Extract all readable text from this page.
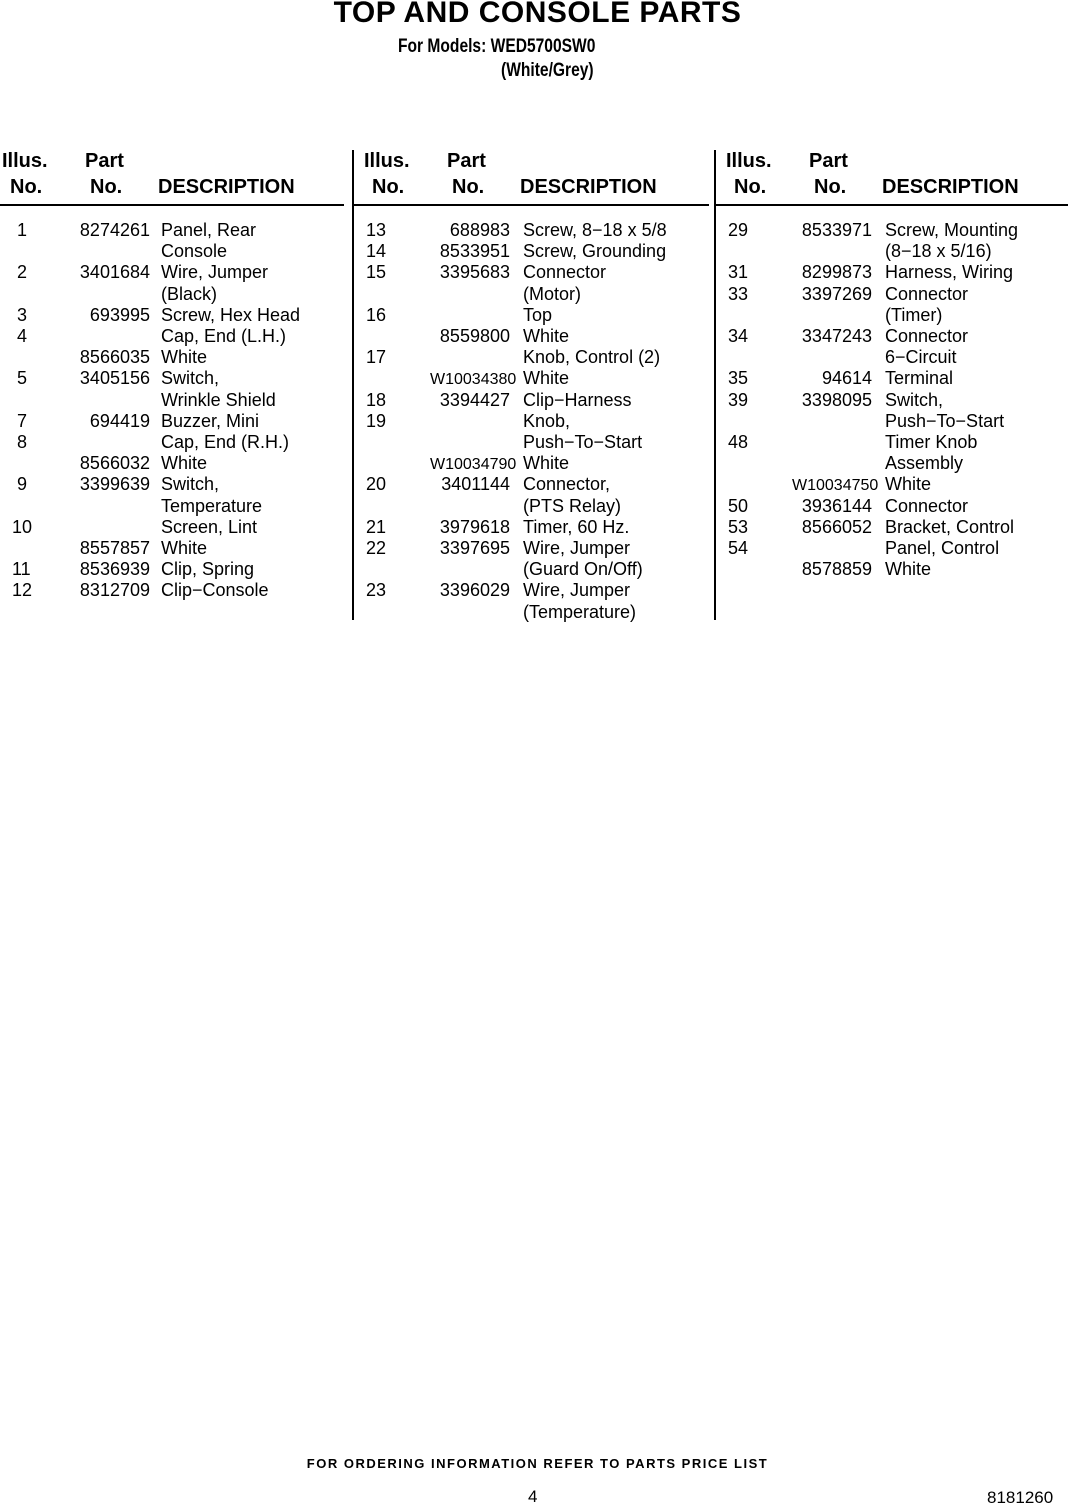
TOP AND CONSOLE PARTS
For Models: WED5700SW0
(White/Grey)
Illus. Part
No. No. DESCRIPTION
1	8274261 Panel, Rear
Console
2	3401684 Wire, Jumper
(Black)
3	693995 Screw, Hex Head
4	Cap, End (L.H.)
8566035 White
5	3405156 Switch,
Wrinkle Shield
7	694419 Buzzer, Mini
8	Cap, End (R.H.)
8566032 White
9	3399639 Switch,
Temperature
10	Screen, Lint
8557857 White
11	8536939 Clip, Spring
12	8312709 Clip−Console
Illus. Part
No. No. DESCRIPTION
13	688983 Screw, 8−18 x 5/8
14	8533951 Screw, Grounding
15	3395683 Connector
(Motor)
16	Top
8559800 White
17	Knob, Control (2)
W10034380 White
18	3394427 Clip−Harness
19	Knob,
Push−To−Start
W10034790 White
20	3401144 Connector,
(PTS Relay)
21	3979618 Timer, 60 Hz.
22	3397695 Wire, Jumper
(Guard On/Off)
23	3396029 Wire, Jumper
(Temperature)
Illus. Part
No. No. DESCRIPTION
29	8533971 Screw, Mounting
(8−18 x 5/16)
31	8299873 Harness, Wiring
33	3397269 Connector
(Timer)
34	3347243 Connector
6−Circuit
35	94614 Terminal
39	3398095 Switch,
Push−To−Start
48	Timer Knob
Assembly
W10034750 White
50	3936144 Connector
53	8566052 Bracket, Control
54	Panel, Control
8578859 White
FOR ORDERING INFORMATION REFER TO PARTS PRICE LIST
4	8181260
